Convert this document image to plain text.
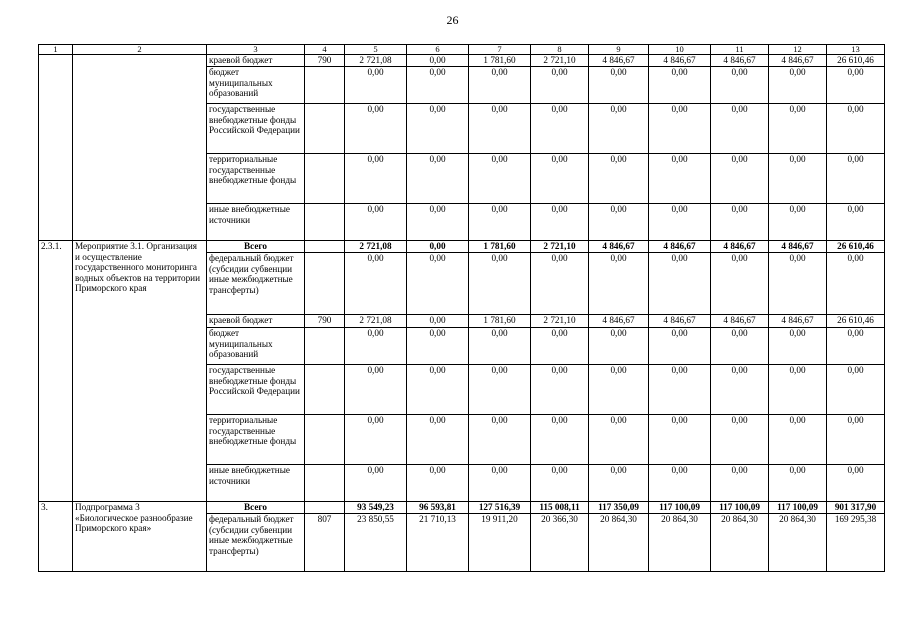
26
1	2	3	4	5	6	7	8	9	10	11	12	13
		краевой бюджет	790	2 721,08	0,00	1 781,60	2 721,10	4 846,67	4 846,67	4 846,67	4 846,67	26 610,46
		бюджет муниципальных образований		0,00	0,00	0,00	0,00	0,00	0,00	0,00	0,00	0,00
		государственные внебюджетные фонды Российской Федерации		0,00	0,00	0,00	0,00	0,00	0,00	0,00	0,00	0,00
		территориальные государственные внебюджетные фонды		0,00	0,00	0,00	0,00	0,00	0,00	0,00	0,00	0,00
		иные внебюджетные источники		0,00	0,00	0,00	0,00	0,00	0,00	0,00	0,00	0,00
2.3.1.	Мероприятие 3.1. Организация и осуществление государственного мониторинга водных объектов на территории Приморского края	Всего		2 721,08	0,00	1 781,60	2 721,10	4 846,67	4 846,67	4 846,67	4 846,67	26 610,46
		федеральный бюджет (субсидии субвенции иные межбюджетные трансферты)		0,00	0,00	0,00	0,00	0,00	0,00	0,00	0,00	0,00
		краевой бюджет	790	2 721,08	0,00	1 781,60	2 721,10	4 846,67	4 846,67	4 846,67	4 846,67	26 610,46
		бюджет муниципальных образований		0,00	0,00	0,00	0,00	0,00	0,00	0,00	0,00	0,00
		государственные внебюджетные фонды Российской Федерации		0,00	0,00	0,00	0,00	0,00	0,00	0,00	0,00	0,00
		территориальные государственные внебюджетные фонды		0,00	0,00	0,00	0,00	0,00	0,00	0,00	0,00	0,00
		иные внебюджетные источники		0,00	0,00	0,00	0,00	0,00	0,00	0,00	0,00	0,00
3.	Подпрограмма 3 «Биологическое разнообразие Приморского края»	Всего		93 549,23	96 593,81	127 516,39	115 008,11	117 350,09	117 100,09	117 100,09	117 100,09	901 317,90
		федеральный бюджет (субсидии субвенции иные межбюджетные трансферты)	807	23 850,55	21 710,13	19 911,20	20 366,30	20 864,30	20 864,30	20 864,30	20 864,30	169 295,38
